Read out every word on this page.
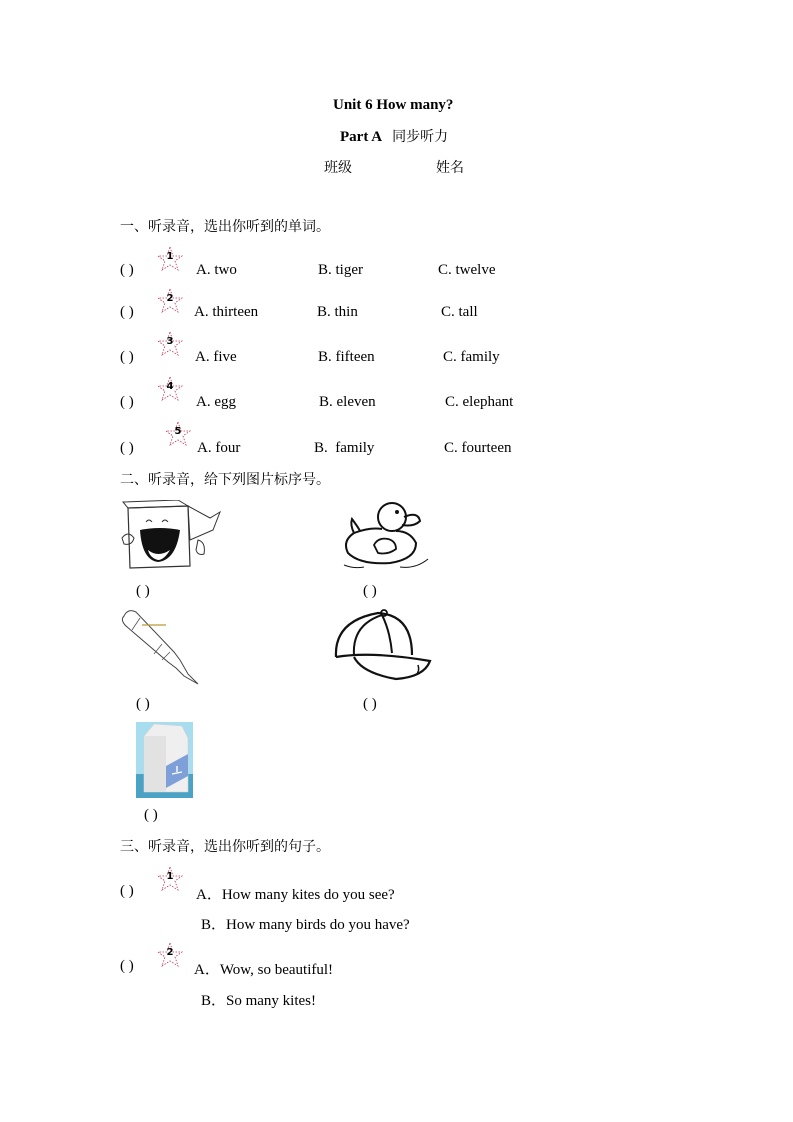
Unit 6 How many?
Part A 同步听力
班级	姓名
一、听录音，选出你听到的单词。
( )
1
A. two	B. tiger	C. twelve
( )
2
A. thirteen	B. thin	C. tall
( )
3
A. five	B. fifteen	C. family
( )
4
A. egg	B. eleven	C. elephant
( )
5
A. four	B.  family	C. fourteen
二、听录音，给下列图片标序号。
( )	( )
( )	( )
( )
三、听录音，选出你听到的句子。
( )
1
A．How many kites do you see?
B．How many birds do you have?
( )
2
A．Wow, so beautiful!
B．So many kites!
